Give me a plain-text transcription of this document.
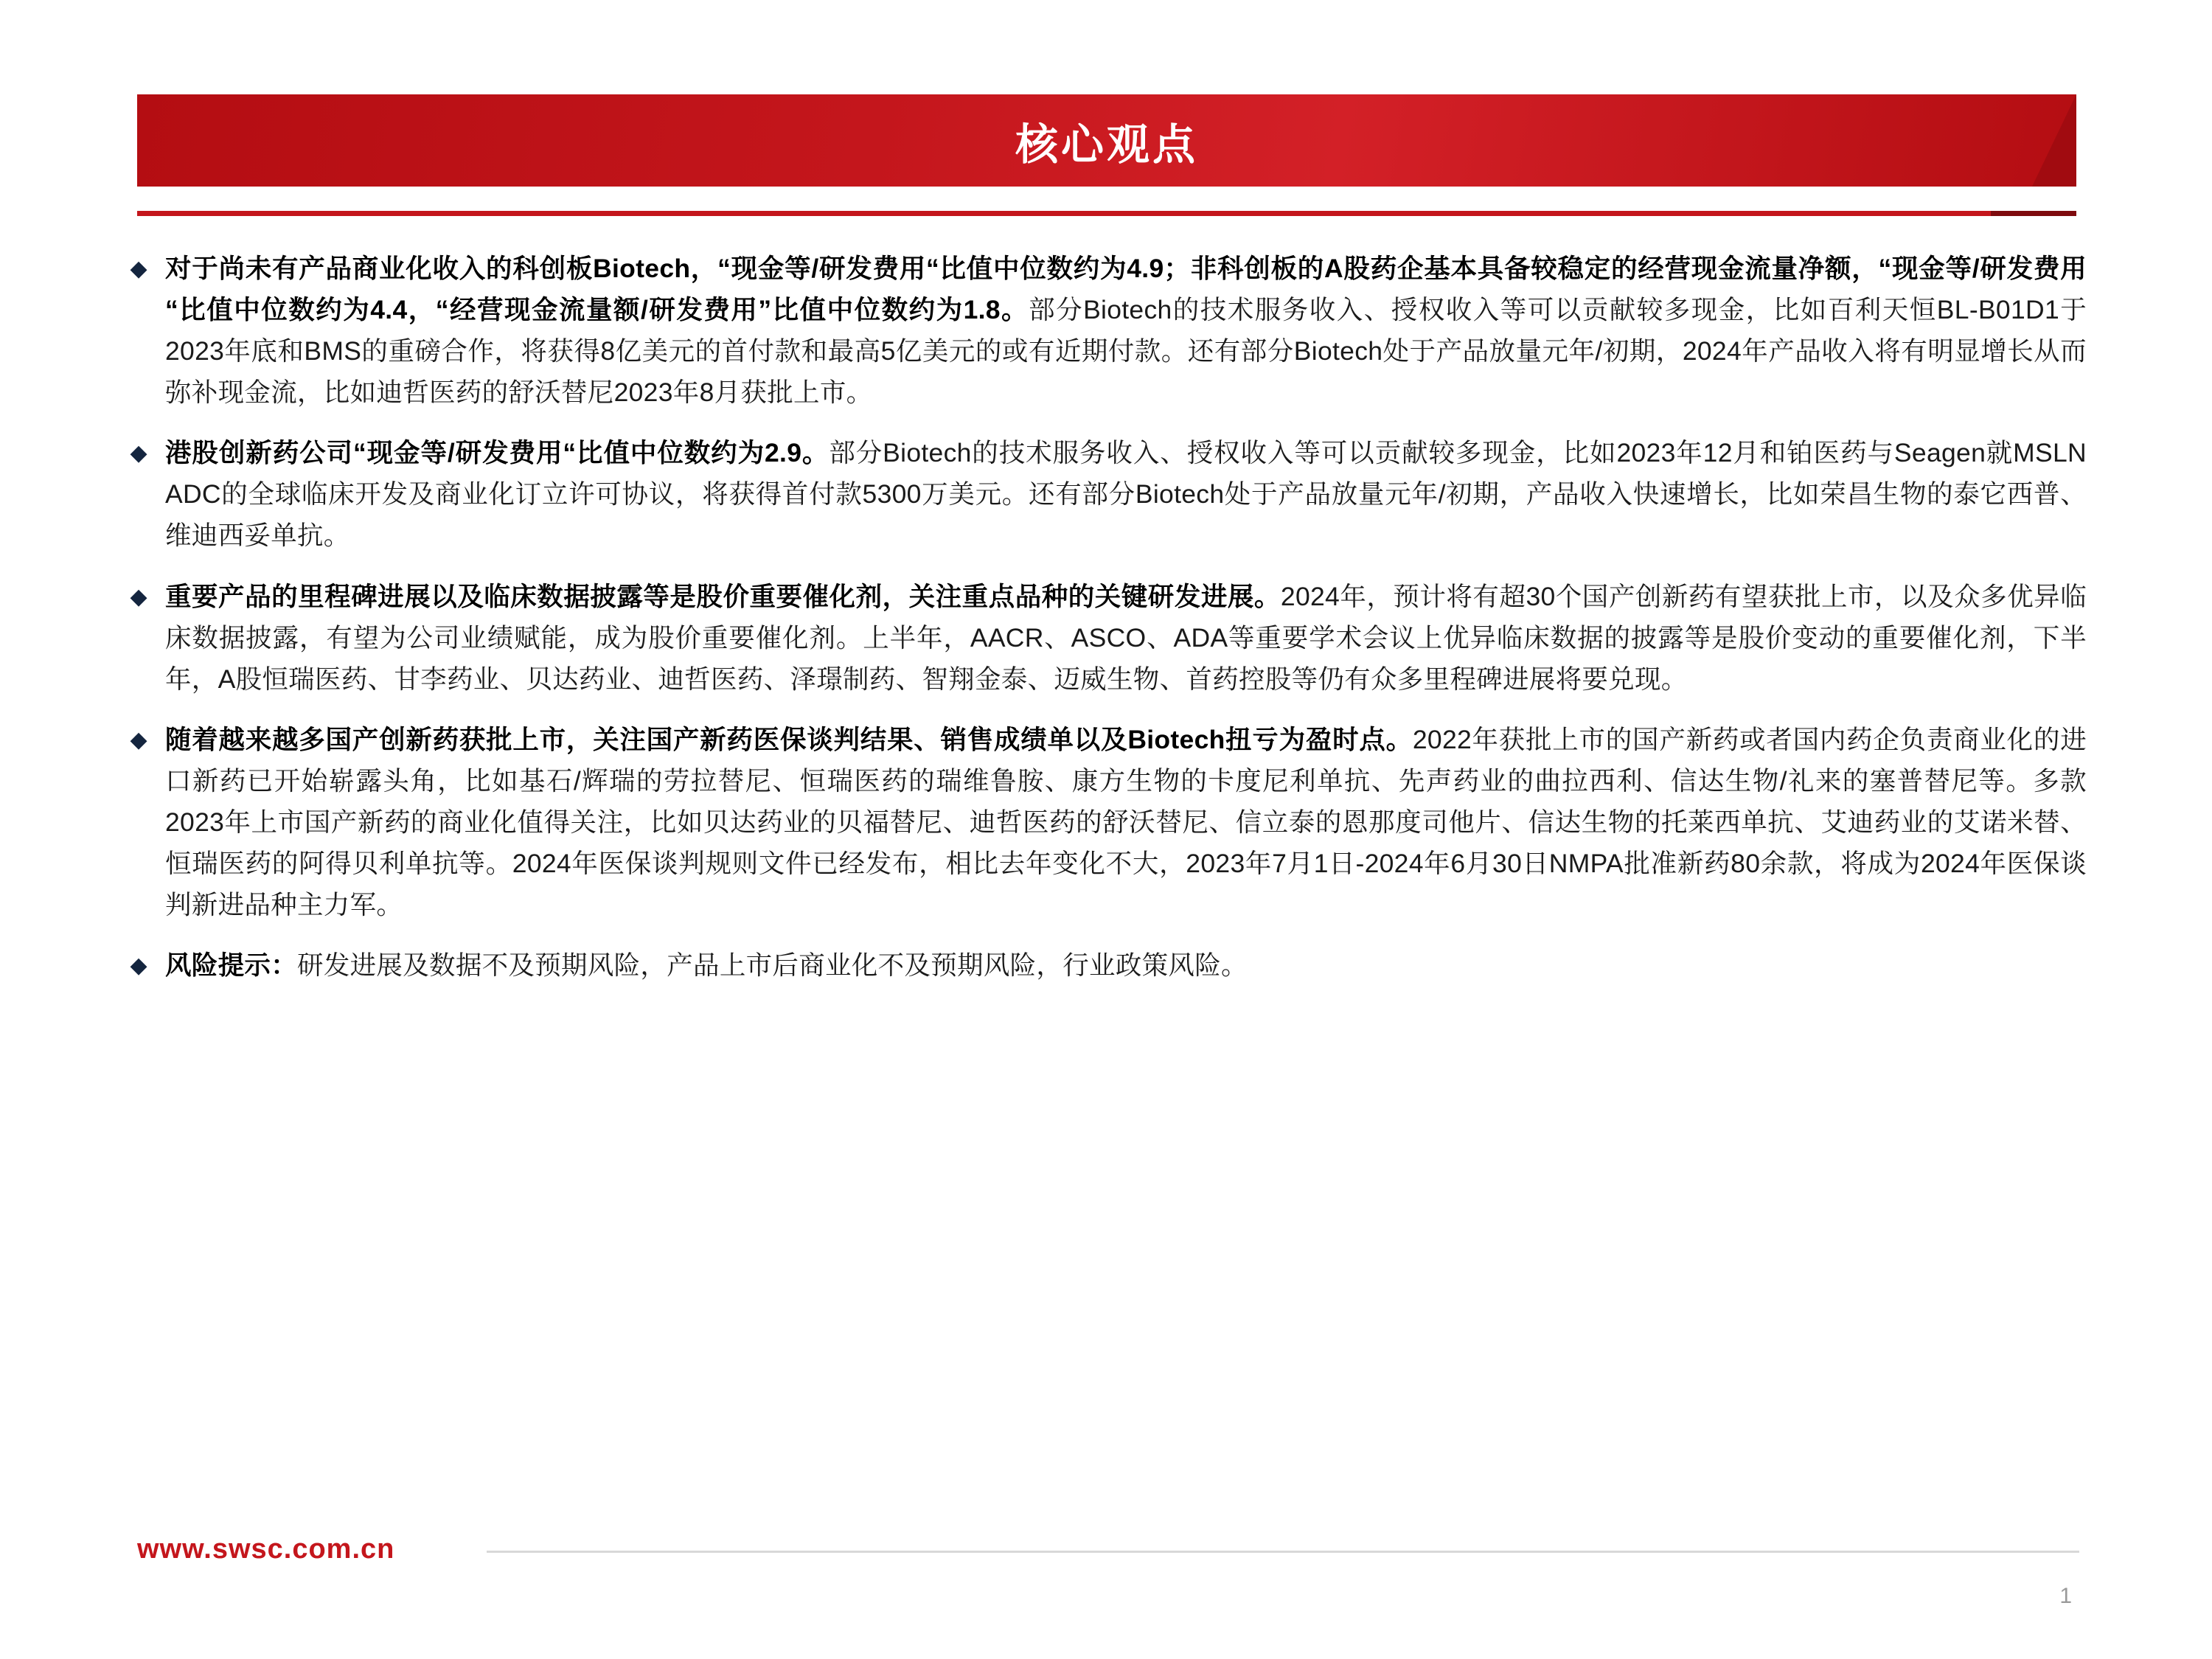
核心观点
◆ 对于尚未有产品商业化收入的科创板Biotech，“现金等/研发费用“比值中位数约为4.9；非科创板的A股药企基本具备较稳定的经营现金流量净额，“现金等/研发费用“比值中位数约为4.4，“经营现金流量额/研发费用”比值中位数约为1.8。部分Biotech的技术服务收入、授权收入等可以贡献较多现金，比如百利天恒BL-B01D1于2023年底和BMS的重磅合作，将获得8亿美元的首付款和最高5亿美元的或有近期付款。还有部分Biotech处于产品放量元年/初期，2024年产品收入将有明显增长从而弥补现金流，比如迪哲医药的舒沃替尼2023年8月获批上市。
◆ 港股创新药公司“现金等/研发费用“比值中位数约为2.9。部分Biotech的技术服务收入、授权收入等可以贡献较多现金，比如2023年12月和铂医药与Seagen就MSLN ADC的全球临床开发及商业化订立许可协议，将获得首付款5300万美元。还有部分Biotech处于产品放量元年/初期，产品收入快速增长，比如荣昌生物的泰它西普、维迪西妥单抗。
◆ 重要产品的里程碑进展以及临床数据披露等是股价重要催化剂，关注重点品种的关键研发进展。2024年，预计将有超30个国产创新药有望获批上市，以及众多优异临床数据披露，有望为公司业绩赋能，成为股价重要催化剂。上半年，AACR、ASCO、ADA等重要学术会议上优异临床数据的披露等是股价变动的重要催化剂，下半年，A股恒瑞医药、甘李药业、贝达药业、迪哲医药、泽璟制药、智翔金泰、迈威生物、首药控股等仍有众多里程碑进展将要兑现。
◆ 随着越来越多国产创新药获批上市，关注国产新药医保谈判结果、销售成绩单以及Biotech扭亏为盈时点。2022年获批上市的国产新药或者国内药企负责商业化的进口新药已开始崭露头角，比如基石/辉瑞的劳拉替尼、恒瑞医药的瑞维鲁胺、康方生物的卡度尼利单抗、先声药业的曲拉西利、信达生物/礼来的塞普替尼等。多款2023年上市国产新药的商业化值得关注，比如贝达药业的贝福替尼、迪哲医药的舒沃替尼、信立泰的恩那度司他片、信达生物的托莱西单抗、艾迪药业的艾诺米替、恒瑞医药的阿得贝利单抗等。2024年医保谈判规则文件已经发布，相比去年变化不大，2023年7月1日-2024年6月30日NMPA批准新药80余款，将成为2024年医保谈判新进品种主力军。
◆ 风险提示：研发进展及数据不及预期风险，产品上市后商业化不及预期风险，行业政策风险。
www.swsc.com.cn
1
